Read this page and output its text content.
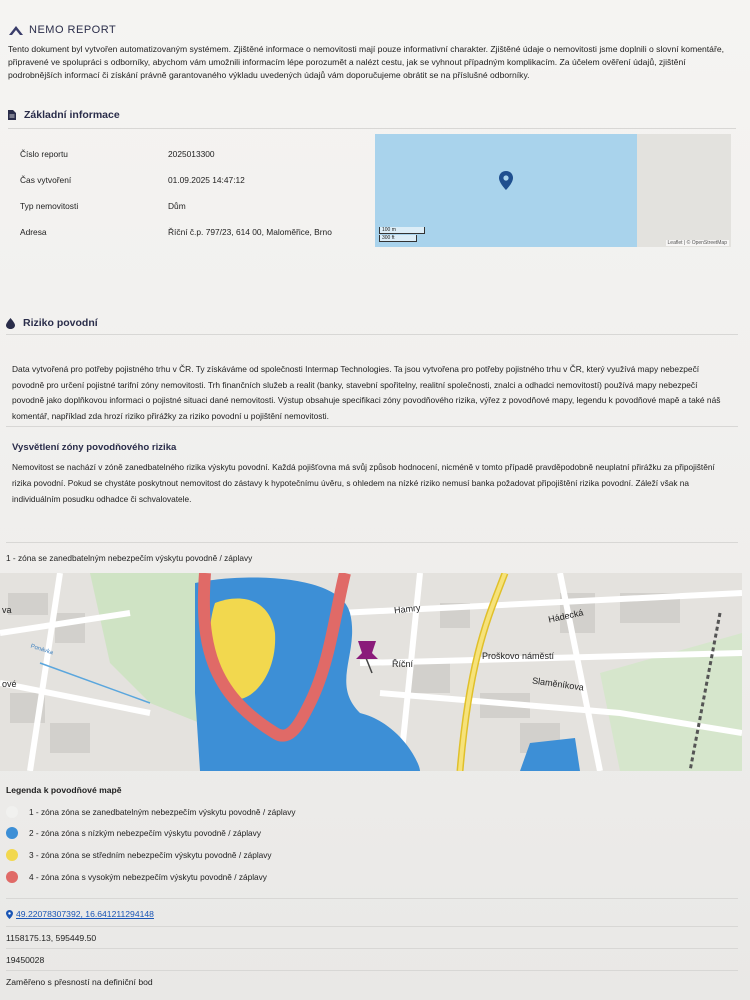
NEMO REPORT
Tento dokument byl vytvořen automatizovaným systémem. Zjištěné informace o nemovitosti mají pouze informativní charakter. Zjištěné údaje o nemovitosti jsme doplnili o slovní komentáře, připravené ve spolupráci s odborníky, abychom vám umožnili informacím lépe porozumět a nalézt cestu, jak se vyhnout případným komplikacím. Za účelem ověření údajů, zjištění podrobnějších informací či získání právně garantovaného výkladu uvedených údajů vám doporučujeme obrátit se na příslušné odborníky.
Základní informace
Číslo reportu	2025013300
Čas vytvoření	01.09.2025 14:47:12
Typ nemovitosti	Dům
Adresa	Říční č.p. 797/23, 614 00, Maloměřice, Brno	100 m
300 ft
Leaflet | © OpenStreetMap
Riziko povodní
Data vytvořená pro potřeby pojistného trhu v ČR. Ty získáváme od společnosti Intermap Technologies. Ta jsou vytvořena pro potřeby pojistného trhu v ČR, který využívá mapy nebezpečí povodně pro určení pojistné tarifní zóny nemovitosti. Trh finančních služeb a realit (banky, stavební spořitelny, realitní společnosti, znalci a odhadci nemovitostí) používá mapy nebezpečí povodně jako doplňkovou informaci o pojistné situaci dané nemovitosti. Výstup obsahuje specifikaci zóny povodňového rizika, výřez z povodňové mapy, legendu k povodňové mapě a také náš komentář, například zda hrozí riziko přirážky za riziko povodní u pojištění nemovitosti.
Vysvětlení zóny povodňového rizika
Nemovitost se nachází v zóně zanedbatelného rizika výskytu povodní. Každá pojišťovna má svůj způsob hodnocení, nicméně v tomto případě pravděpodobně neuplatní přirážku za připojištění rizika povodní. Pokud se chystáte poskytnout nemovitost do zástavy k hypotečnímu úvěru, s ohledem na nízké riziko nemusí banka požadovat připojištění rizika povodní. Záleží však na individuálním posudku odhadce či schvalovatele.
1 - zóna se zanedbatelným nebezpečím výskytu povodně / záplavy
Hamry	Hádecká
Říční
Proškovo náměstí
Slaměníkova
va
ové
Ponávka
Legenda k povodňové mapě
1 - zóna zóna se zanedbatelným nebezpečím výskytu povodně / záplavy
2 - zóna zóna s nízkým nebezpečím výskytu povodně / záplavy
3 - zóna zóna se středním nebezpečím výskytu povodně / záplavy
4 - zóna zóna s vysokým nebezpečím výskytu povodně / záplavy
49.22078307392, 16.641211294148
1158175.13, 595449.50
19450028
Zaměřeno s přesností na definiční bod
